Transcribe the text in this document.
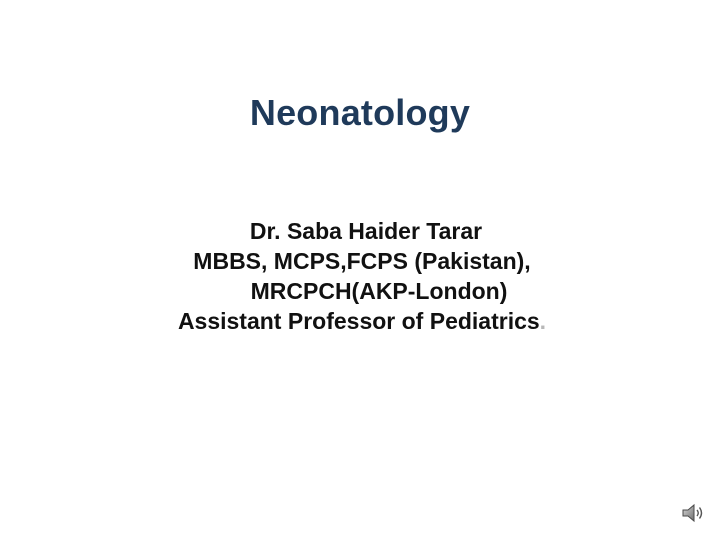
Neonatology
Dr. Saba Haider Tarar
MBBS, MCPS,FCPS (Pakistan),
MRCPCH(AKP-London)
Assistant Professor of Pediatrics.
